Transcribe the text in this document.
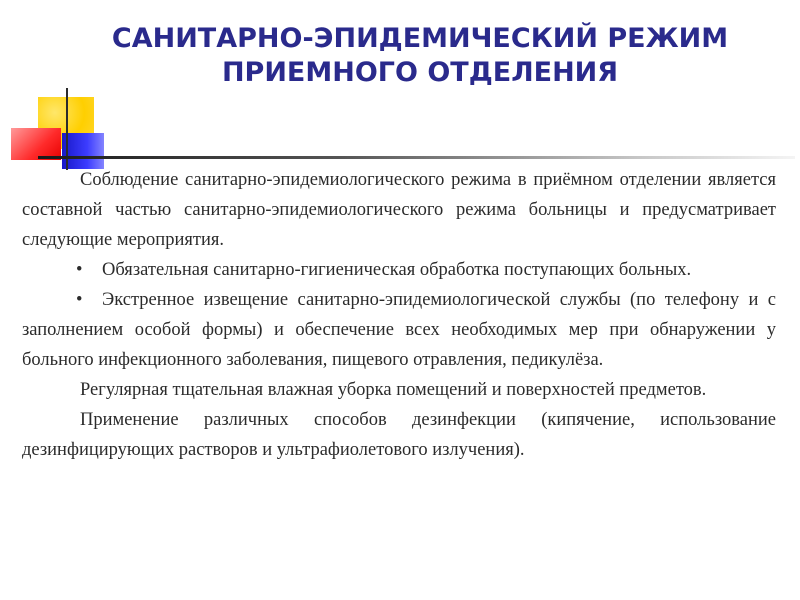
САНИТАРНО-ЭПИДЕМИЧЕСКИЙ РЕЖИМ
ПРИЕМНОГО ОТДЕЛЕНИЯ

Соблюдение санитарно-эпидемиологического режима в приёмном отделении является составной частью санитарно-эпидемиологического режима больницы и предусматривает следующие мероприятия.

•	Обязательная санитарно-гигиеническая обработка поступающих больных.

• Экстренное извещение санитарно-эпидемиологической службы (по телефону и с заполнением особой формы) и обеспечение всех необходимых мер при обнаружении у больного инфекционного заболевания, пищевого отравления, педикулёза.

Регулярная тщательная влажная уборка помещений и поверхностей предметов.

Применение различных способов дезинфекции (кипячение, использование дезинфицирующих растворов и ультрафиолетового излучения).
